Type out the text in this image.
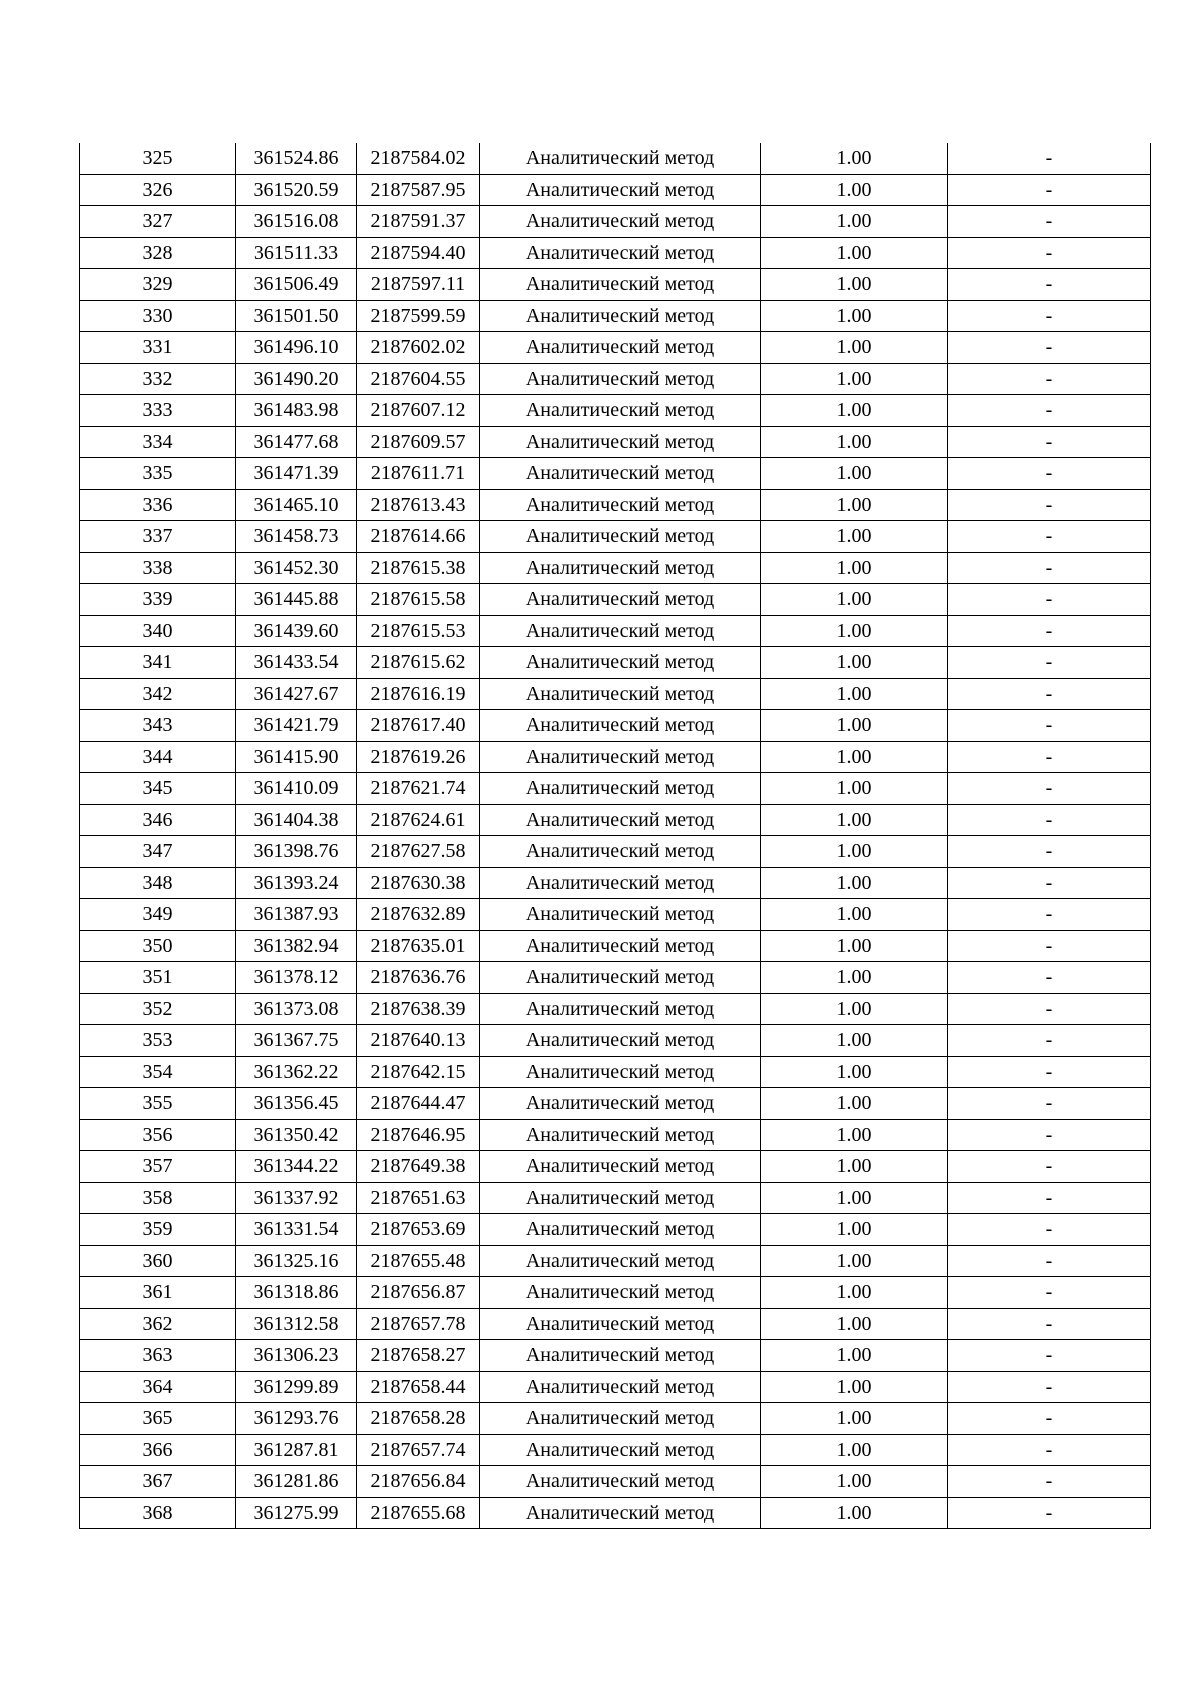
325	361524.86	2187584.02	Аналитический метод	1.00	-
326	361520.59	2187587.95	Аналитический метод	1.00	-
327	361516.08	2187591.37	Аналитический метод	1.00	-
328	361511.33	2187594.40	Аналитический метод	1.00	-
329	361506.49	2187597.11	Аналитический метод	1.00	-
330	361501.50	2187599.59	Аналитический метод	1.00	-
331	361496.10	2187602.02	Аналитический метод	1.00	-
332	361490.20	2187604.55	Аналитический метод	1.00	-
333	361483.98	2187607.12	Аналитический метод	1.00	-
334	361477.68	2187609.57	Аналитический метод	1.00	-
335	361471.39	2187611.71	Аналитический метод	1.00	-
336	361465.10	2187613.43	Аналитический метод	1.00	-
337	361458.73	2187614.66	Аналитический метод	1.00	-
338	361452.30	2187615.38	Аналитический метод	1.00	-
339	361445.88	2187615.58	Аналитический метод	1.00	-
340	361439.60	2187615.53	Аналитический метод	1.00	-
341	361433.54	2187615.62	Аналитический метод	1.00	-
342	361427.67	2187616.19	Аналитический метод	1.00	-
343	361421.79	2187617.40	Аналитический метод	1.00	-
344	361415.90	2187619.26	Аналитический метод	1.00	-
345	361410.09	2187621.74	Аналитический метод	1.00	-
346	361404.38	2187624.61	Аналитический метод	1.00	-
347	361398.76	2187627.58	Аналитический метод	1.00	-
348	361393.24	2187630.38	Аналитический метод	1.00	-
349	361387.93	2187632.89	Аналитический метод	1.00	-
350	361382.94	2187635.01	Аналитический метод	1.00	-
351	361378.12	2187636.76	Аналитический метод	1.00	-
352	361373.08	2187638.39	Аналитический метод	1.00	-
353	361367.75	2187640.13	Аналитический метод	1.00	-
354	361362.22	2187642.15	Аналитический метод	1.00	-
355	361356.45	2187644.47	Аналитический метод	1.00	-
356	361350.42	2187646.95	Аналитический метод	1.00	-
357	361344.22	2187649.38	Аналитический метод	1.00	-
358	361337.92	2187651.63	Аналитический метод	1.00	-
359	361331.54	2187653.69	Аналитический метод	1.00	-
360	361325.16	2187655.48	Аналитический метод	1.00	-
361	361318.86	2187656.87	Аналитический метод	1.00	-
362	361312.58	2187657.78	Аналитический метод	1.00	-
363	361306.23	2187658.27	Аналитический метод	1.00	-
364	361299.89	2187658.44	Аналитический метод	1.00	-
365	361293.76	2187658.28	Аналитический метод	1.00	-
366	361287.81	2187657.74	Аналитический метод	1.00	-
367	361281.86	2187656.84	Аналитический метод	1.00	-
368	361275.99	2187655.68	Аналитический метод	1.00	-
